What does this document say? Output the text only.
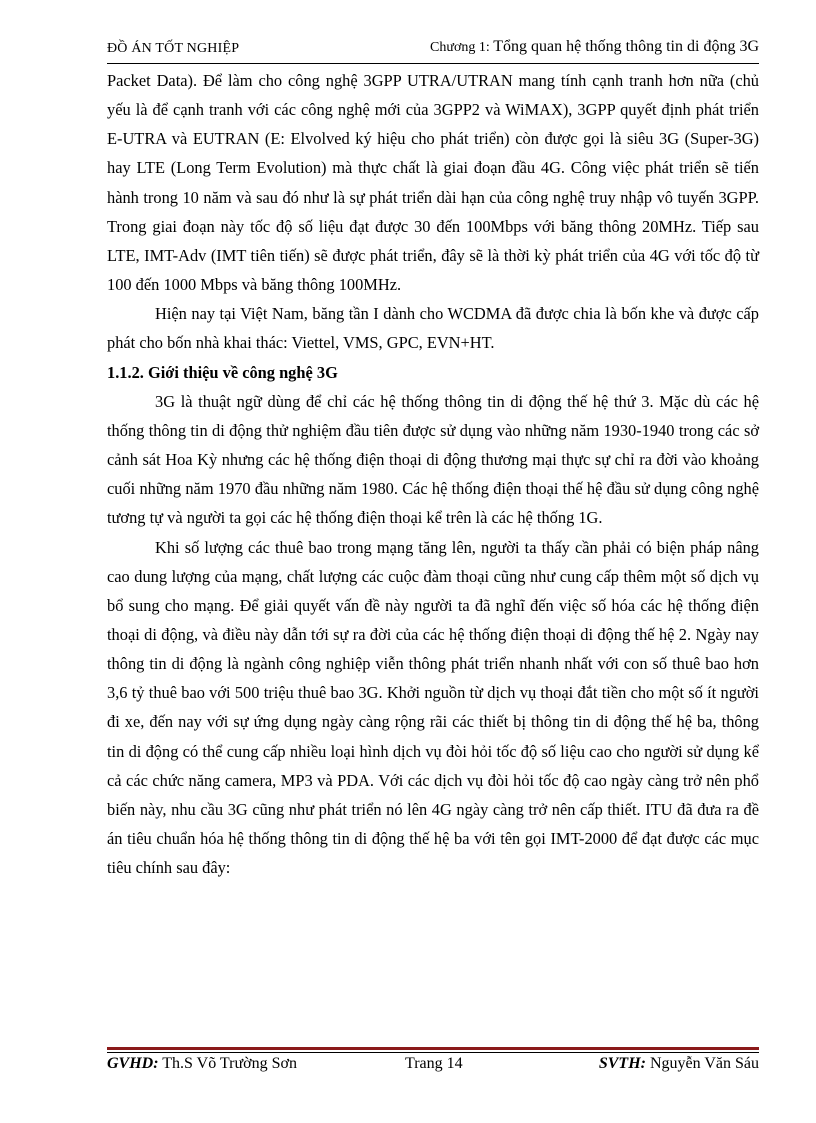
ĐỒ ÁN TỐT NGHIỆP	Chương 1: Tổng quan hệ thống thông tin di động 3G

Packet Data). Để làm cho công nghệ 3GPP UTRA/UTRAN mang tính cạnh tranh hơn nữa (chủ yếu là để cạnh tranh với các công nghệ mới của 3GPP2 và WiMAX), 3GPP quyết định phát triển E-UTRA và EUTRAN (E: Elvolved ký hiệu cho phát triển) còn được gọi là siêu 3G (Super-3G) hay LTE (Long Term Evolution) mà thực chất là giai đoạn đầu 4G. Công việc phát triển sẽ tiến hành trong 10 năm và sau đó như là sự phát triển dài hạn của công nghệ truy nhập vô tuyến 3GPP. Trong giai đoạn này tốc độ số liệu đạt được 30 đến 100Mbps với băng thông 20MHz. Tiếp sau LTE, IMT-Adv (IMT tiên tiến) sẽ được phát triển, đây sẽ là thời kỳ phát triển của 4G với tốc độ từ 100 đến 1000 Mbps và băng thông 100MHz.

Hiện nay tại Việt Nam, băng tần I dành cho WCDMA đã được chia là bốn khe và được cấp phát cho bốn nhà khai thác: Viettel, VMS, GPC, EVN+HT.

1.1.2. Giới thiệu về công nghệ 3G

3G là thuật ngữ dùng để chỉ các hệ thống thông tin di động thế hệ thứ 3. Mặc dù các hệ thống thông tin di động thử nghiệm đầu tiên được sử dụng vào những năm 1930-1940 trong các sở cảnh sát Hoa Kỳ nhưng các hệ thống điện thoại di động thương mại thực sự chỉ ra đời vào khoảng cuối những năm 1970 đầu những năm 1980. Các hệ thống điện thoại thế hệ đầu sử dụng công nghệ tương tự và người ta gọi các hệ thống điện thoại kể trên là các hệ thống 1G.

Khi số lượng các thuê bao trong mạng tăng lên, người ta thấy cần phải có biện pháp nâng cao dung lượng của mạng, chất lượng các cuộc đàm thoại cũng như cung cấp thêm một số dịch vụ bổ sung cho mạng. Để giải quyết vấn đề này người ta đã nghĩ đến việc số hóa các hệ thống điện thoại di động, và điều này dẫn tới sự ra đời của các hệ thống điện thoại di động thế hệ 2. Ngày nay thông tin di động là ngành công nghiệp viễn thông phát triển nhanh nhất với con số thuê bao hơn 3,6 tỷ thuê bao với 500 triệu thuê bao 3G. Khởi nguồn từ dịch vụ thoại đắt tiền cho một số ít người đi xe, đến nay với sự ứng dụng ngày càng rộng rãi các thiết bị thông tin di động thế hệ ba, thông tin di động có thể cung cấp nhiều loại hình dịch vụ đòi hỏi tốc độ số liệu cao cho người sử dụng kể cả các chức năng camera, MP3 và PDA. Với các dịch vụ đòi hỏi tốc độ cao ngày càng trở nên phổ biến này, nhu cầu 3G cũng như phát triển nó lên 4G ngày càng trở nên cấp thiết. ITU đã đưa ra đề án tiêu chuẩn hóa hệ thống thông tin di động thế hệ ba với tên gọi IMT-2000 để đạt được các mục tiêu chính sau đây:

GVHD: Th.S Võ Trường Sơn	Trang 14	SVTH: Nguyễn Văn Sáu
